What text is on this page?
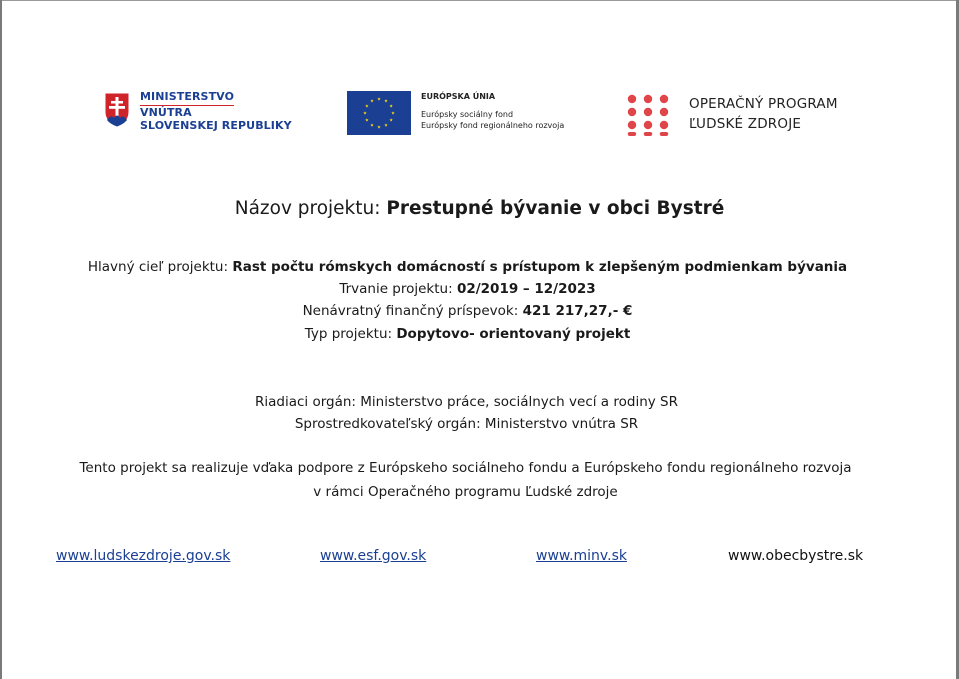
MINISTERSTVO
VNÚTRA
SLOVENSKEJ REPUBLIKY
EURÓPSKA ÚNIA
Európsky sociálny fond
Európsky fond regionálneho rozvoja
OPERAČNÝ PROGRAM
ĽUDSKÉ ZDROJE
Názov projektu: Prestupné bývanie v obci Bystré
Hlavný cieľ projektu: Rast počtu rómskych domácností s prístupom k zlepšeným podmienkam bývania
Trvanie projektu: 02/2019 – 12/2023
Nenávratný finančný príspevok: 421 217,27,- €
Typ projektu: Dopytovo- orientovaný projekt
Riadiaci orgán: Ministerstvo práce, sociálnych vecí a rodiny SR
Sprostredkovateľský orgán: Ministerstvo vnútra SR
Tento projekt sa realizuje vďaka podpore z Európskeho sociálneho fondu a Európskeho fondu regionálneho rozvoja
v rámci Operačného programu Ľudské zdroje
www.ludskezdroje.gov.sk	www.esf.gov.sk	www.minv.sk	www.obecbystre.sk
